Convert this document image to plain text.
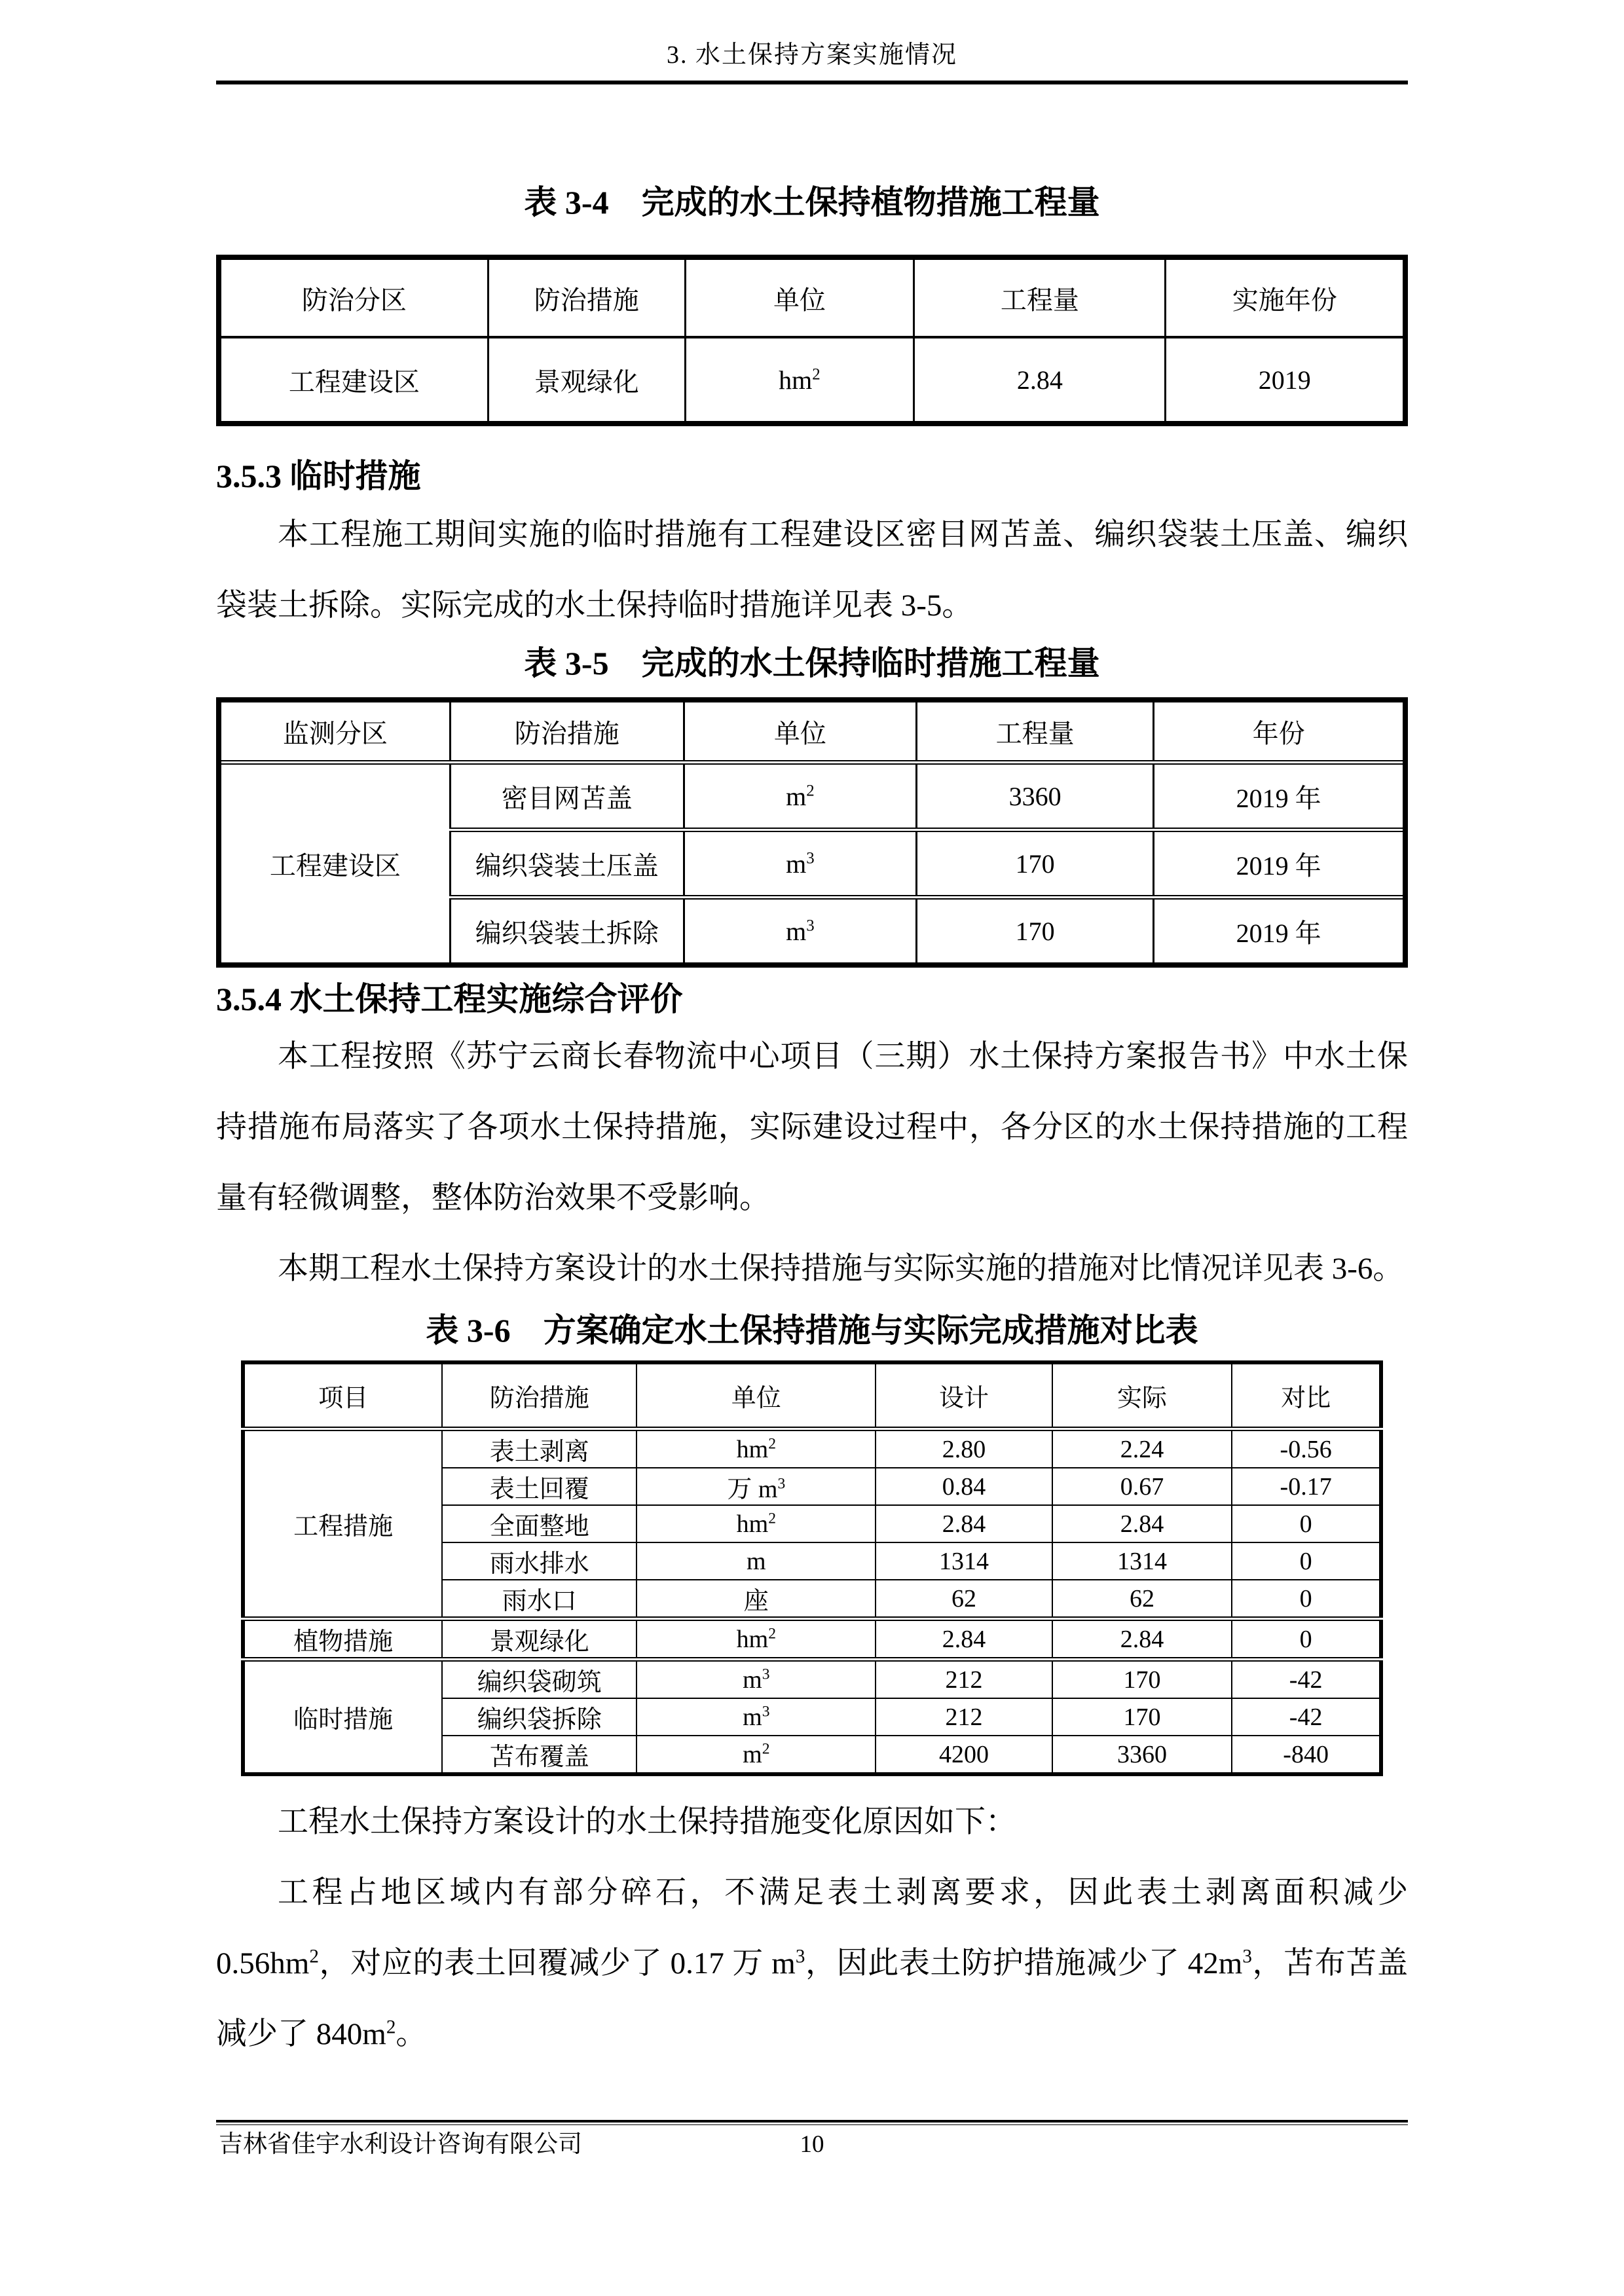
3. 水土保持方案实施情况
表 3-4　完成的水土保持植物措施工程量
防治分区	防治措施	单位	工程量	实施年份
工程建设区	景观绿化	$hm^2$	2.84	2019
3.5.3 临时措施

本工程施工期间实施的临时措施有工程建设区密目网苫盖、编织袋装土压盖、编织袋装土拆除。实际完成的水土保持临时措施详见表 3-5。

表 3-5　完成的水土保持临时措施工程量
监测分区	防治措施	单位	工程量	年份
工程建设区	密目网苫盖	$m^2$	3360	2019 年
	编织袋装土压盖	$m^3$	170	2019 年
	编织袋装土拆除	$m^3$	170	2019 年
3.5.4 水土保持工程实施综合评价

本工程按照《苏宁云商长春物流中心项目（三期）水土保持方案报告书》中水土保持措施布局落实了各项水土保持措施，实际建设过程中，各分区的水土保持措施的工程量有轻微调整，整体防治效果不受影响。

本期工程水土保持方案设计的水土保持措施与实际实施的措施对比情况详见表 3-6。

表 3-6　方案确定水土保持措施与实际完成措施对比表
项目	防治措施	单位	设计	实际	对比
工程措施	表土剥离	$hm^2$	2.80	2.24	-0.56
	表土回覆	万 $m^3$	0.84	0.67	-0.17
	全面整地	$hm^2$	2.84	2.84	0
	雨水排水	m	1314	1314	0
	雨水口	座	62	62	0
植物措施	景观绿化	$hm^2$	2.84	2.84	0
临时措施	编织袋砌筑	$m^3$	212	170	-42
	编织袋拆除	$m^3$	212	170	-42
	苫布覆盖	$m^2$	4200	3360	-840

工程水土保持方案设计的水土保持措施变化原因如下：

工程占地区域内有部分碎石，不满足表土剥离要求，因此表土剥离面积减少 $0.56hm^2$，对应的表土回覆减少了 0.17 万 $m^3$，因此表土防护措施减少了 $42m^3$，苫布苫盖减少了 $840m^2$。

吉林省佳宇水利设计咨询有限公司	10
